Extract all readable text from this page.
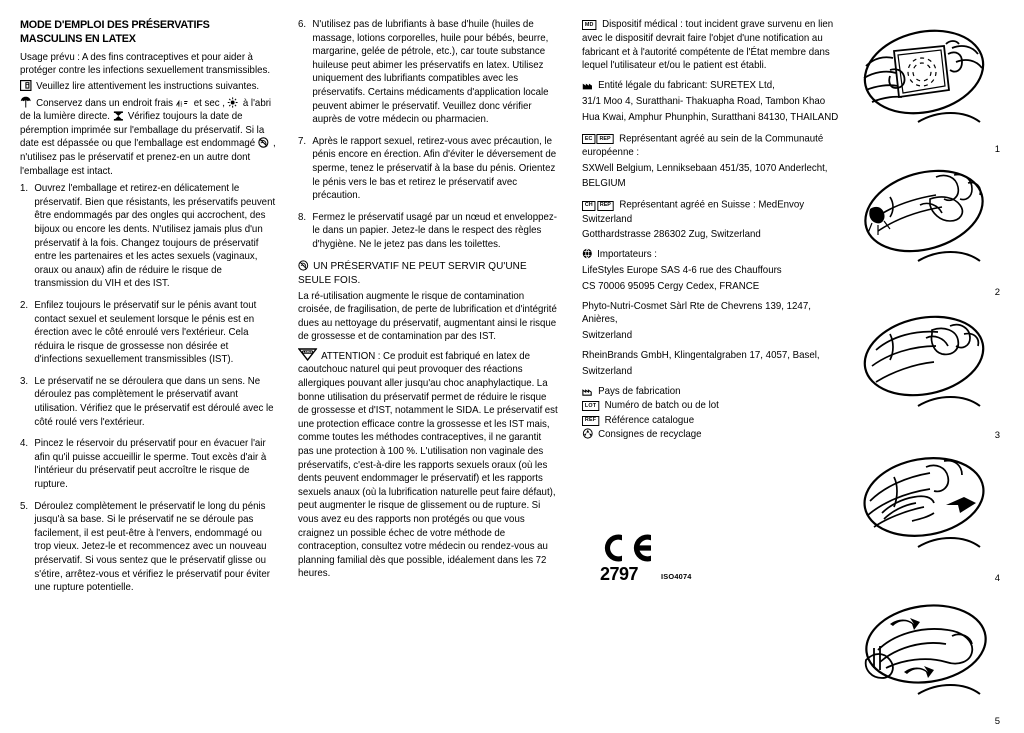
MODE D'EMPLOI DES PRÉSERVATIFS MASCULINS EN LATEX
Usage prévu : A des fins contraceptives et pour aider à protéger contre les infections sexuellement transmissibles.
Veuillez lire attentivement les instructions suivantes.
Conservez dans un endroit frais
et sec , à l'abri de la lumière directe. Vérifiez toujours la date de péremption imprimée sur l'emballage du préservatif. Si la date est dépassée ou que l'emballage est endommagé , n'utilisez pas le préservatif et prenez-en un autre dont l'emballage est intact.
1. Ouvrez l'emballage et retirez-en délicatement le préservatif. Bien que résistants, les préservatifs peuvent être endommagés par des ongles qui accrochent, des bijoux ou encore les dents. N'utilisez jamais plus d'un préservatif à la fois. Changez toujours de préservatif entre les partenaires et les actes sexuels (vaginaux, oraux ou anaux) afin de réduire le risque de transmission du VIH et des IST.
2. Enfilez toujours le préservatif sur le pénis avant tout contact sexuel et seulement lorsque le pénis est en érection avec le côté enroulé vers l'extérieur. Cela réduira le risque de grossesse non désirée et d'infections sexuellement transmissibles (IST).
3. Le préservatif ne se déroulera que dans un sens. Ne déroulez pas complètement le préservatif avant utilisation. Vérifiez que le préservatif est déroulé avec le côté roulé vers l'extérieur.
4. Pincez le réservoir du préservatif pour en évacuer l'air afin qu'il puisse accueillir le sperme. Tout excès d'air à l'intérieur du préservatif peut accroître le risque de rupture.
5. Déroulez complètement le préservatif le long du pénis jusqu'à sa base. Si le préservatif ne se déroule pas facilement, il est peut-être à l'envers, endommagé ou trop vieux. Jetez-le et recommencez avec un nouveau préservatif. Si vous sentez que le préservatif glisse ou s'étire, arrêtez-vous et vérifiez le préservatif pour éviter une rupture potentielle.
6. N'utilisez pas de lubrifiants à base d'huile (huiles de massage, lotions corporelles, huile pour bébés, beurre, margarine, gelée de pétrole, etc.), car toute substance huileuse peut abimer les préservatifs en latex. Utilisez uniquement des lubrifiants compatibles avec les préservatifs. Certains médicaments d'application locale peuvent abimer le préservatif. Veuillez donc vérifier auprès de votre médecin ou pharmacien.
7. Après le rapport sexuel, retirez-vous avec précaution, le pénis encore en érection. Afin d'éviter le déversement de sperme, tenez le préservatif à la base du pénis. Orientez le pénis vers le bas et retirez le préservatif avec précaution.
8. Fermez le préservatif usagé par un nœud et enveloppez-le dans un papier. Jetez-le dans le respect des règles d'hygiène. Ne le jetez pas dans les toilettes.
UN PRÉSERVATIF NE PEUT SERVIR QU'UNE SEULE FOIS.
La ré-utilisation augmente le risque de contamination croisée, de fragilisation, de perte de lubrification et d'intégrité dues au nettoyage du préservatif, augmentant ainsi le risque de grossesse et de contamination par des IST.
LATEX ATTENTION : Ce produit est fabriqué en latex de caoutchouc naturel qui peut provoquer des réactions allergiques pouvant aller jusqu'au choc anaphylactique. La bonne utilisation du préservatif permet de réduire le risque de grossesse et d'IST, notamment le SIDA. Le préservatif est une protection efficace contre la grossesse et les IST mais, comme toutes les méthodes contraceptives, il ne garantit pas une protection à 100 %. L'utilisation non vaginale des préservatifs, c'est-à-dire les rapports sexuels oraux (où les dents peuvent endommager le préservatif) et les rapports sexuels anaux (où la lubrification naturelle peut faire défaut), peut augmenter le risque de glissement ou de rupture. Si vous avez eu des rapports non protégés ou que vous craignez un possible échec de votre méthode de contraception, consultez votre médecin ou rendez-vous au planning familial dès que possible, idéalement dans les 72 heures.
MD Dispositif médical : tout incident grave survenu en lien avec le dispositif devrait faire l'objet d'une notification au fabricant et à l'autorité compétente de l'État membre dans lequel l'utilisateur et/ou le patient est établi.
Entité légale du fabricant: SURETEX Ltd,
31/1 Moo 4, Suratthani- Thakuapha Road, Tambon Khao
Hua Kwai, Amphur Phunphin, Suratthani 84130, THAILAND
EC REP Représentant agréé au sein de la Communauté européenne :
SXWell Belgium, Lenniksebaan 451/35, 1070 Anderlecht,
BELGIUM
CH REP Représentant agréé en Suisse : MedEnvoy Switzerland
Gotthardstrasse 286302 Zug, Switzerland
Importateurs :
LifeStyles Europe SAS 4-6 rue des Chauffours
CS 70006 95095 Cergy Cedex, FRANCE
Phyto-Nutri-Cosmet Sàrl Rte de Chevrens 139, 1247, Anières,
Switzerland
RheinBrands GmbH, Klingentalgraben 17, 4057, Basel,
Switzerland
Pays de fabrication
LOT Numéro de batch ou de lot
REF Référence catalogue
Consignes de recyclage
2797	ISO4074
1
2
3
4
5
